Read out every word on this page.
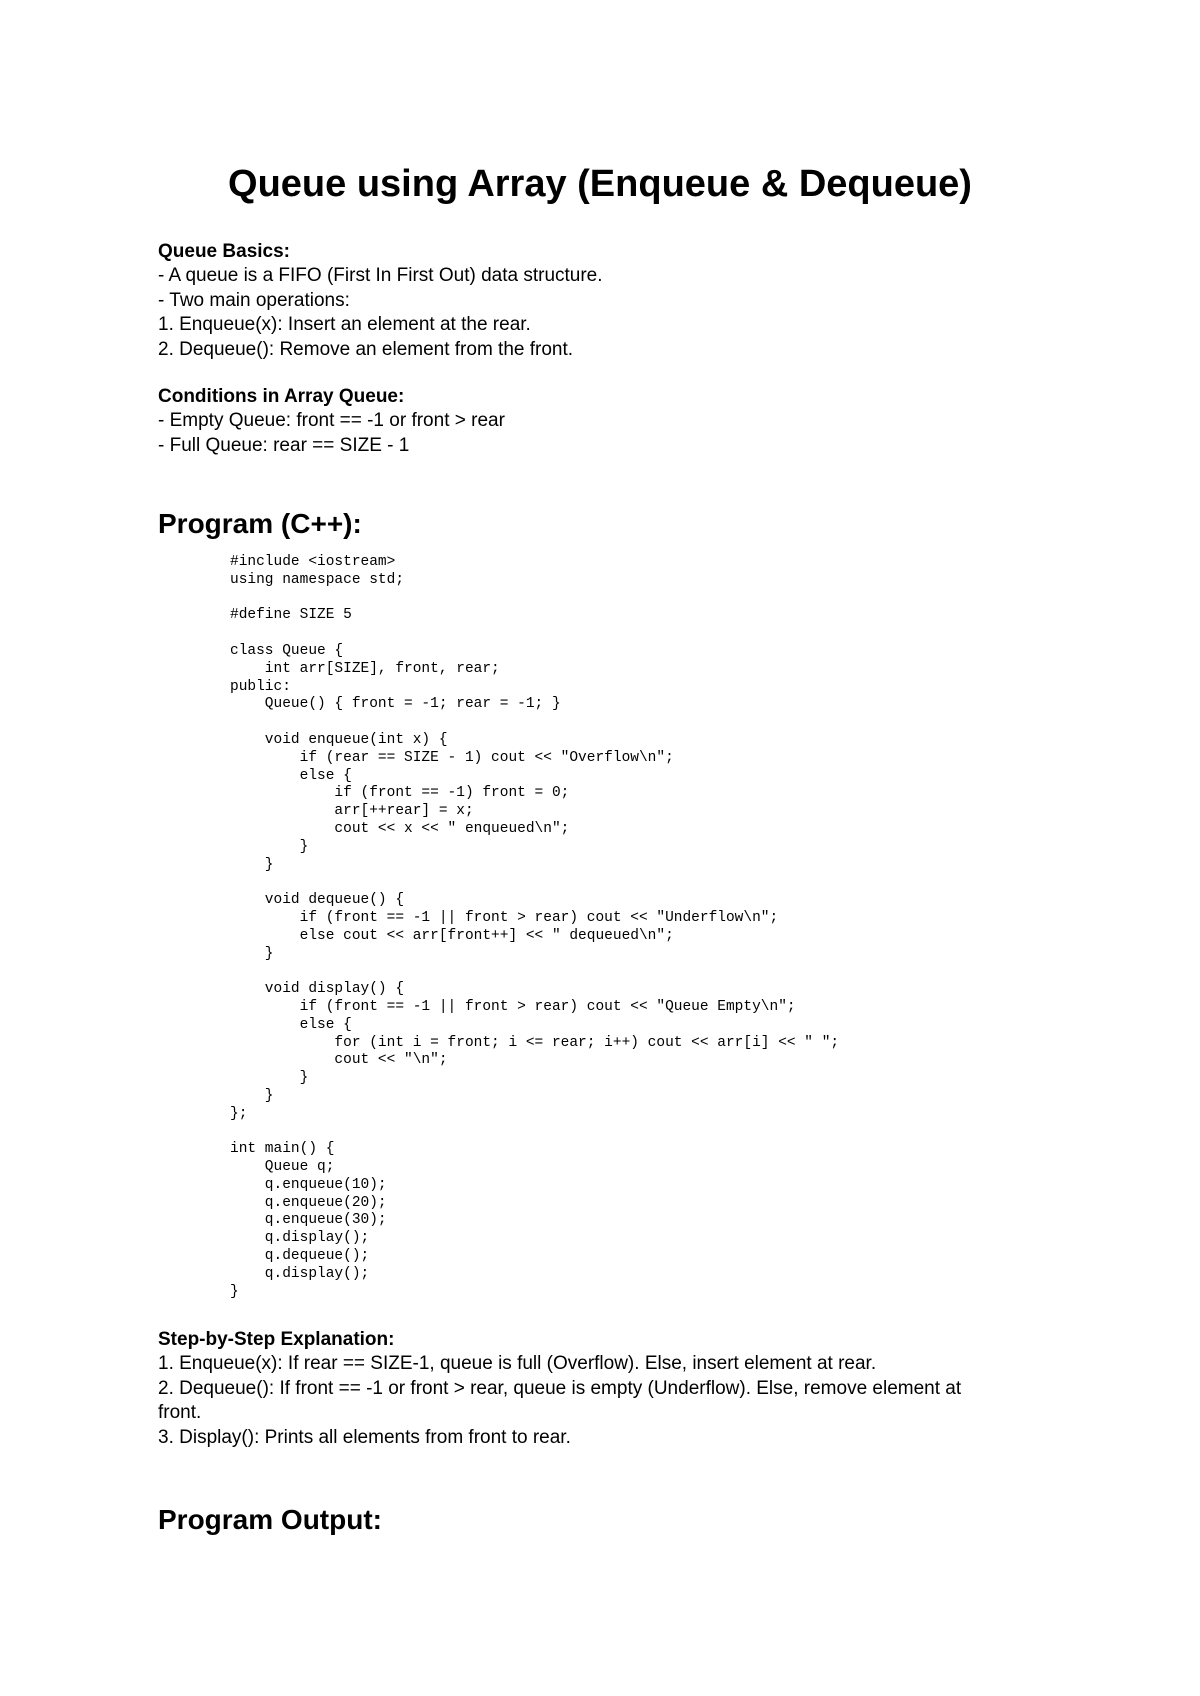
Queue using Array (Enqueue & Dequeue)

Queue Basics:

- A queue is a FIFO (First In First Out) data structure.

- Two main operations:

1. Enqueue(x): Insert an element at the rear.

2. Dequeue(): Remove an element from the front.

Conditions in Array Queue:

- Empty Queue: front == -1 or front > rear

- Full Queue: rear == SIZE - 1

Program (C++):
#include <iostream>
using namespace std;
#define SIZE 5
class Queue {
int arr[SIZE], front, rear;
public:
Queue() { front = -1; rear = -1; }
void enqueue(int x) {
if (rear == SIZE - 1) cout << "Overflow\n";
else {
if (front == -1) front = 0;
arr[++rear] = x;
cout << x << " enqueued\n";
}
}
void dequeue() {
if (front == -1 || front > rear) cout << "Underflow\n";
else cout << arr[front++] << " dequeued\n";
}
void display() {
if (front == -1 || front > rear) cout << "Queue Empty\n";
else {
for (int i = front; i <= rear; i++) cout << arr[i] << " ";
cout << "\n";
}
}
};
int main() {
Queue q;
q.enqueue(10);
q.enqueue(20);
q.enqueue(30);
q.display();
q.dequeue();
q.display();
}

Step-by-Step Explanation:

1. Enqueue(x): If rear == SIZE-1, queue is full (Overflow). Else, insert element at rear.

2. Dequeue(): If front == -1 or front > rear, queue is empty (Underflow). Else, remove element at

front.

3. Display(): Prints all elements from front to rear.

Program Output:
